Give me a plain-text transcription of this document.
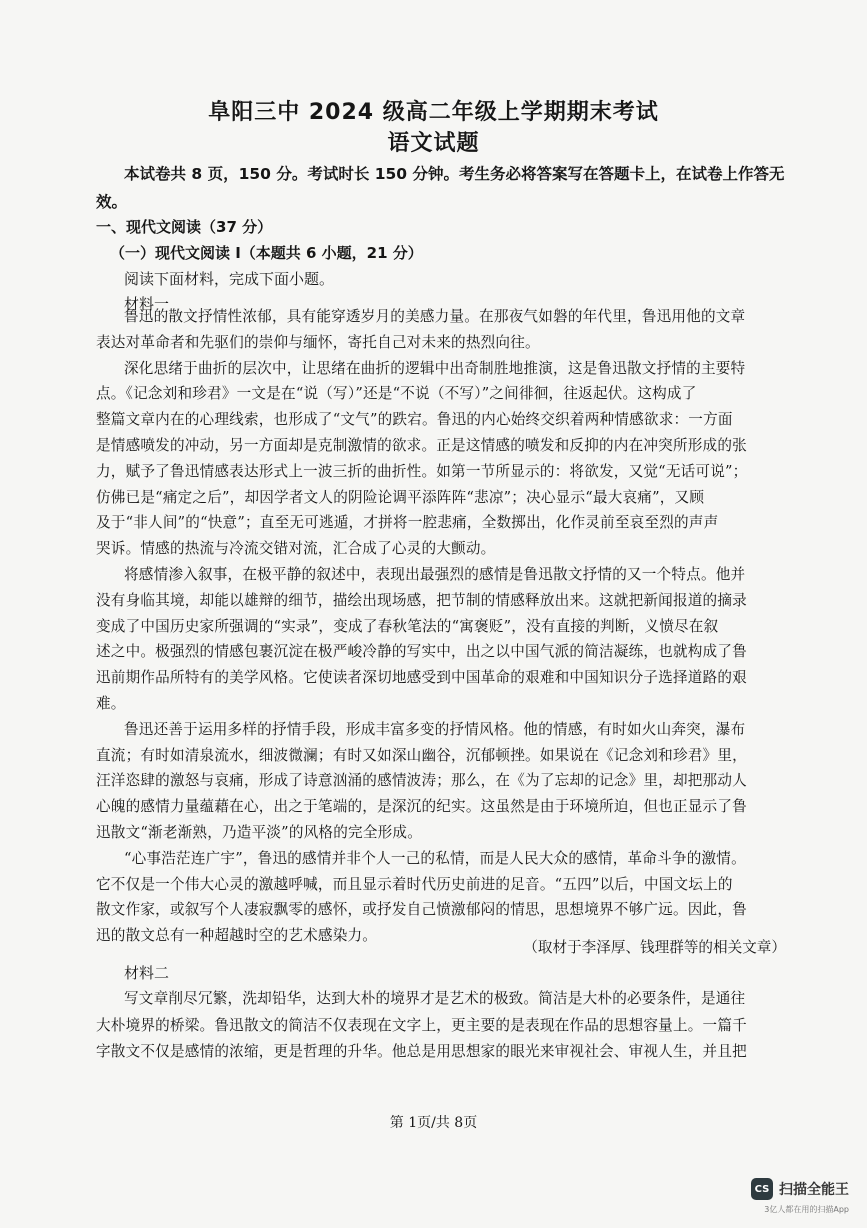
阜阳三中 2024 级高二年级上学期期末考试
语文试题
本试卷共 8 页，150 分。考试时长 150 分钟。考生务必将答案写在答题卡上，在试卷上作答无
效。
一、现代文阅读（37 分）
（一）现代文阅读 I（本题共 6 小题，21 分）
阅读下面材料，完成下面小题。
材料一
鲁迅的散文抒情性浓郁，具有能穿透岁月的美感力量。在那夜气如磐的年代里，鲁迅用他的文章
表达对革命者和先驱们的崇仰与缅怀，寄托自己对未来的热烈向往。
深化思绪于曲折的层次中，让思绪在曲折的逻辑中出奇制胜地推演，这是鲁迅散文抒情的主要特
点。《记念刘和珍君》一文是在“说（写）”还是“不说（不写）”之间徘徊，往返起伏。这构成了
整篇文章内在的心理线索，也形成了“文气”的跌宕。鲁迅的内心始终交织着两种情感欲求：一方面
是情感喷发的冲动，另一方面却是克制激情的欲求。正是这情感的喷发和反抑的内在冲突所形成的张
力，赋予了鲁迅情感表达形式上一波三折的曲折性。如第一节所显示的：将欲发，又觉“无话可说”；
仿佛已是“痛定之后”，却因学者文人的阴险论调平添阵阵“悲凉”；决心显示“最大哀痛”，又顾
及于“非人间”的“快意”；直至无可逃遁，才拼将一腔悲痛，全数掷出，化作灵前至哀至烈的声声
哭诉。情感的热流与冷流交错对流，汇合成了心灵的大颤动。
将感情渗入叙事，在极平静的叙述中，表现出最强烈的感情是鲁迅散文抒情的又一个特点。他并
没有身临其境，却能以雄辩的细节，描绘出现场感，把节制的情感释放出来。这就把新闻报道的摘录
变成了中国历史家所强调的“实录”，变成了春秋笔法的“寓褒贬”，没有直接的判断，义愤尽在叙
述之中。极强烈的情感包裹沉淀在极严峻冷静的写实中，出之以中国气派的简洁凝练，也就构成了鲁
迅前期作品所特有的美学风格。它使读者深切地感受到中国革命的艰难和中国知识分子选择道路的艰
难。
鲁迅还善于运用多样的抒情手段，形成丰富多变的抒情风格。他的情感，有时如火山奔突，瀑布
直流；有时如清泉流水，细波微澜；有时又如深山幽谷，沉郁顿挫。如果说在《记念刘和珍君》里，
汪洋恣肆的激怒与哀痛，形成了诗意汹涌的感情波涛；那么，在《为了忘却的记念》里，却把那动人
心魄的感情力量蕴藉在心，出之于笔端的，是深沉的纪实。这虽然是由于环境所迫，但也正显示了鲁
迅散文“渐老渐熟，乃造平淡”的风格的完全形成。
“心事浩茫连广宇”，鲁迅的感情并非个人一己的私情，而是人民大众的感情，革命斗争的激情。
它不仅是一个伟大心灵的激越呼喊，而且显示着时代历史前进的足音。“五四”以后，中国文坛上的
散文作家，或叙写个人凄寂飘零的感怀，或抒发自己愤激郁闷的情思，思想境界不够广远。因此，鲁
迅的散文总有一种超越时空的艺术感染力。
（取材于李泽厚、钱理群等的相关文章）
材料二
写文章削尽冗繁，洗却铅华，达到大朴的境界才是艺术的极致。简洁是大朴的必要条件，是通往
大朴境界的桥梁。鲁迅散文的简洁不仅表现在文字上，更主要的是表现在作品的思想容量上。一篇千
字散文不仅是感情的浓缩，更是哲理的升华。他总是用思想家的眼光来审视社会、审视人生，并且把
第 1页/共 8页
CS 扫描全能王
3亿人都在用的扫描App
